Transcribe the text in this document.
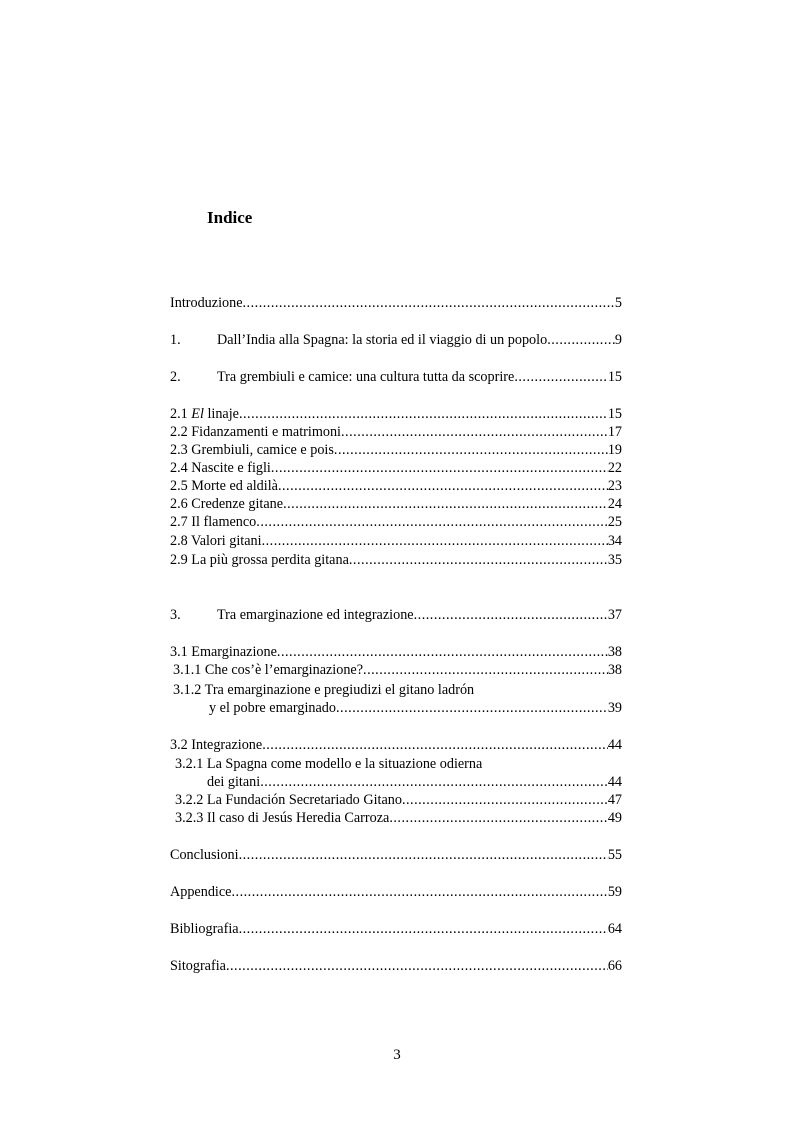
Indice
Introduzione .....	5
1.	Dall’India alla Spagna: la storia ed il viaggio di un popolo .....	9
2.	Tra grembiuli e camice: una cultura tutta da scoprire .....	15
2.1 El linaje .....	15
2.2 Fidanzamenti e matrimoni .....	17
2.3 Grembiuli, camice e pois .....	19
2.4 Nascite e figli .....	22
2.5 Morte ed aldilà .....	23
2.6 Credenze gitane .....	24
2.7 Il flamenco .....	25
2.8 Valori gitani .....	34
2.9 La più grossa perdita gitana .....	35
3.	Tra emarginazione ed integrazione .....	37
3.1 Emarginazione .....	38
3.1.1 Che cos’è l’emarginazione? .....	38
3.1.2 Tra emarginazione e pregiudizi el gitano ladrón
y el pobre emarginado .....	39
3.2 Integrazione .....	44
3.2.1 La Spagna come modello e la situazione odierna
dei gitani .....	44
3.2.2 La Fundación Secretariado Gitano .....	47
3.2.3 Il caso di Jesús Heredia Carroza .....	49
Conclusioni .....	55
Appendice .....	59
Bibliografia .....	64
Sitografia .....	66
3
